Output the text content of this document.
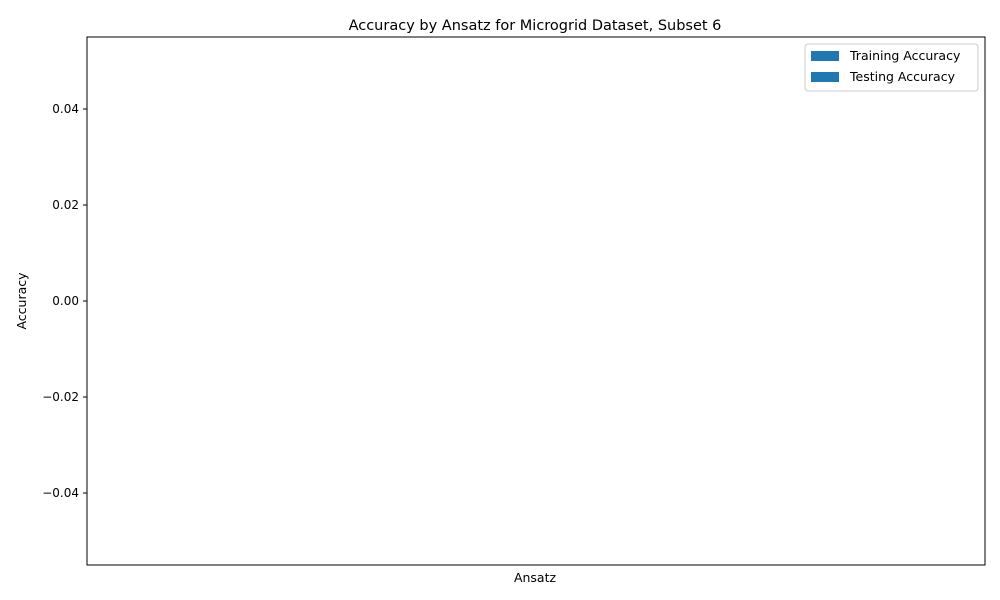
Accuracy by Ansatz for Microgrid Dataset, Subset 6
−0.04
−0.02
0.00
0.02
0.04
Ansatz
Accuracy
Training Accuracy
Testing Accuracy
